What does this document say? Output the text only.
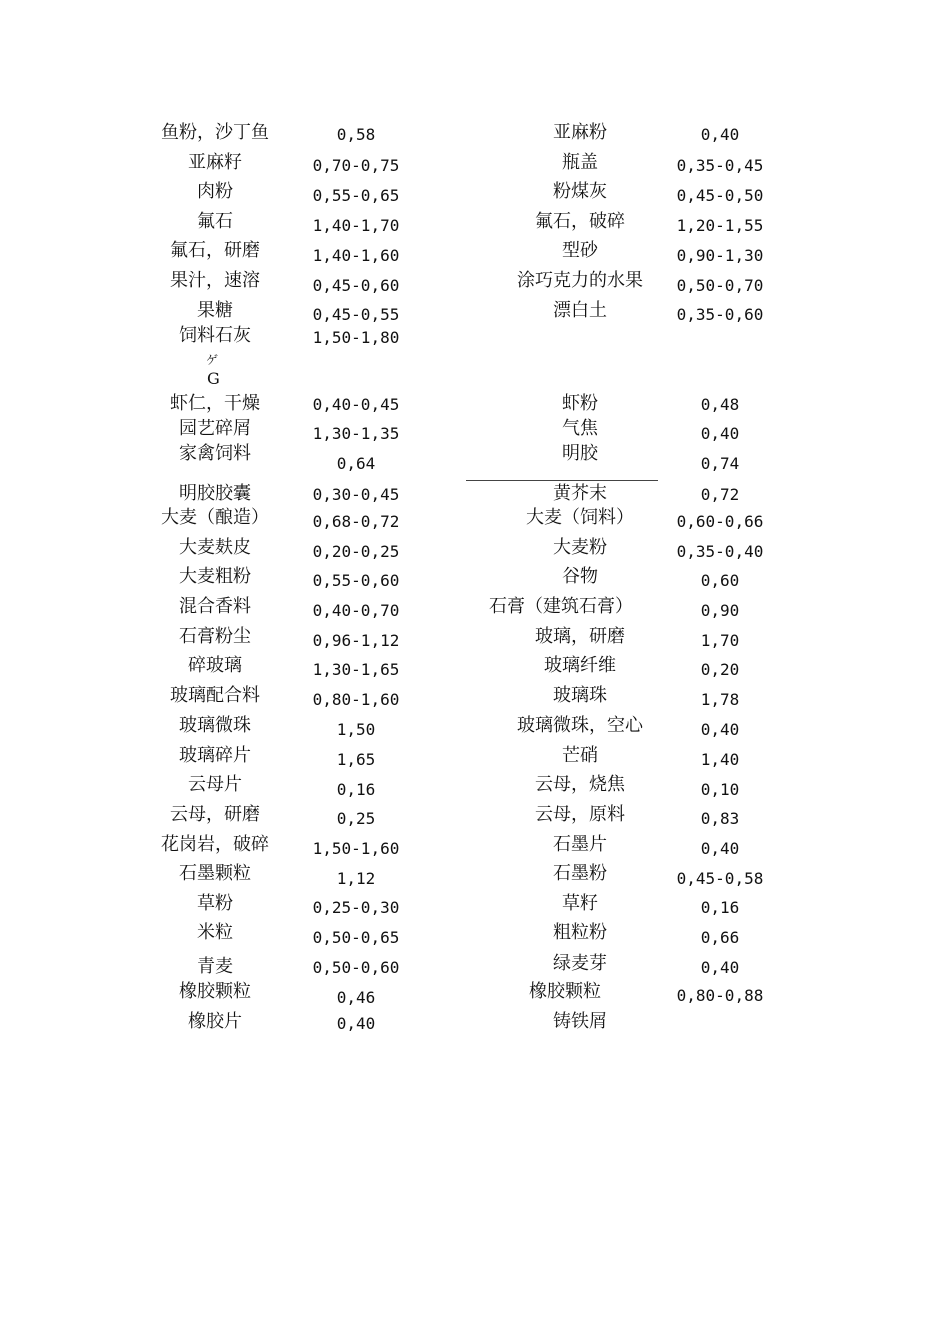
鱼粉，沙丁鱼	0,58	亚麻粉	0,40
亚麻籽	0,70-0,75	瓶盖	0,35-0,45
肉粉	0,55-0,65	粉煤灰	0,45-0,50
氟石	1,40-1,70	氟石，破碎	1,20-1,55
氟石，研磨	1,40-1,60	型砂	0,90-1,30
果汁，速溶	0,45-0,60	涂巧克力的水果	0,50-0,70
果糖	0,45-0,55	漂白土	0,35-0,60
饲料石灰	1,50-1,80
ゲ
G
虾仁，干燥	0,40-0,45	虾粉	0,48
园艺碎屑	1,30-1,35	气焦	0,40
家禽饲料	0,64	明胶	0,74
明胶胶囊	0,30-0,45	黄芥末	0,72
大麦（酿造）	0,68-0,72	大麦（饲料）	0,60-0,66
大麦麸皮	0,20-0,25	大麦粉	0,35-0,40
大麦粗粉	0,55-0,60	谷物	0,60
混合香料	0,40-0,70	石膏（建筑石膏）	0,90
石膏粉尘	0,96-1,12	玻璃，研磨	1,70
碎玻璃	1,30-1,65	玻璃纤维	0,20
玻璃配合料	0,80-1,60	玻璃珠	1,78
玻璃微珠	1,50	玻璃微珠，空心	0,40
玻璃碎片	1,65	芒硝	1,40
云母片	0,16	云母，烧焦	0,10
云母，研磨	0,25	云母，原料	0,83
花岗岩，破碎	1,50-1,60	石墨片	0,40
石墨颗粒	1,12	石墨粉	0,45-0,58
草粉	0,25-0,30	草籽	0,16
米粒	0,50-0,65	粗粒粉	0,66
青麦	0,50-0,60	绿麦芽	0,40
橡胶颗粒	0,46	橡胶颗粒	0,80-0,88
橡胶片	0,40	铸铁屑
